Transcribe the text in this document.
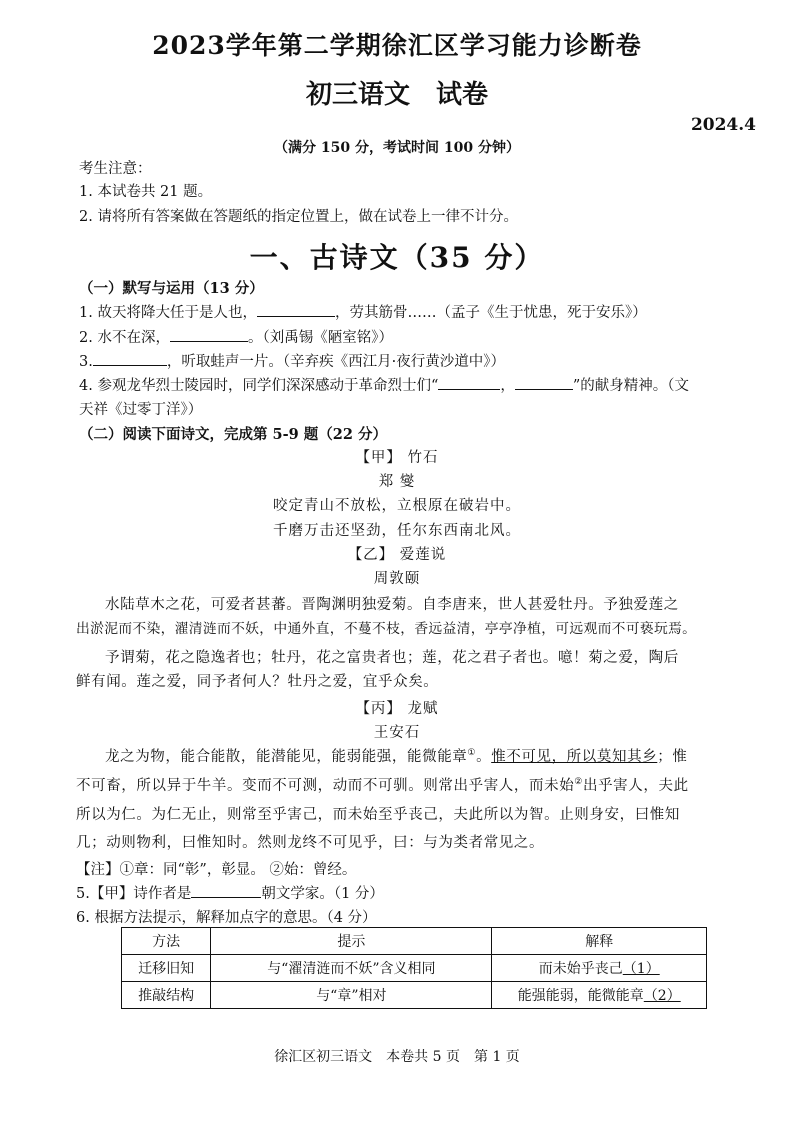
2023学年第二学期徐汇区学习能力诊断卷
初三语文　试卷
2024.4
（满分 150 分，考试时间 100 分钟）
考生注意：
1. 本试卷共 21 题。
2. 请将所有答案做在答题纸的指定位置上，做在试卷上一律不计分。
一、古诗文（35 分）
（一）默写与运用（13 分）
1. 故天将降大任于是人也，	，劳其筋骨……（孟子《生于忧患，死于安乐》）
2. 水不在深，	。（刘禹锡《陋室铭》）
3.	，听取蛙声一片。（辛弃疾《西江月·夜行黄沙道中》）
4. 参观龙华烈士陵园时，同学们深深感动于革命烈士们“	，	”的献身精神。（文
天祥《过零丁洋》）
（二）阅读下面诗文，完成第 5-9 题（22 分）
【甲】 竹石
郑 燮
咬定青山不放松，立根原在破岩中。
千磨万击还坚劲，任尔东西南北风。
【乙】 爱莲说
周敦颐
水陆草木之花，可爱者甚蕃。晋陶渊明独爱菊。自李唐来，世人甚爱牡丹。予独爱莲之
出淤泥而不染，濯清涟而不妖，中通外直，不蔓不枝，香远益清，亭亭净植，可远观而不可亵玩焉。
予谓菊，花之隐逸者也；牡丹，花之富贵者也；莲，花之君子者也。噫！菊之爱，陶后
鲜有闻。莲之爱，同予者何人？牡丹之爱，宜乎众矣。
【丙】 龙赋
王安石
龙之为物，能合能散，能潜能见，能弱能强，能微能章①。惟不可见，所以莫知其乡；惟
不可畜，所以异于牛羊。变而不可测，动而不可驯。则常出乎害人，而未始②出乎害人，夫此
所以为仁。为仁无止，则常至乎害己，而未始至乎丧己，夫此所以为智。止则身安，曰惟知
几；动则物利，曰惟知时。然则龙终不可见乎，曰：与为类者常见之。
【注】①章：同“彰”，彰显。 ②始：曾经。
5.【甲】诗作者是	朝文学家。（1 分）
6. 根据方法提示，解释加点字的意思。（4 分）
方法	提示	解释
迁移旧知	与“濯清涟而不妖”含义相同	而未始乎丧己（1）
推敲结构	与“章”相对	能强能弱，能微能章（2）
徐汇区初三语文　本卷共 5 页　第 1 页
